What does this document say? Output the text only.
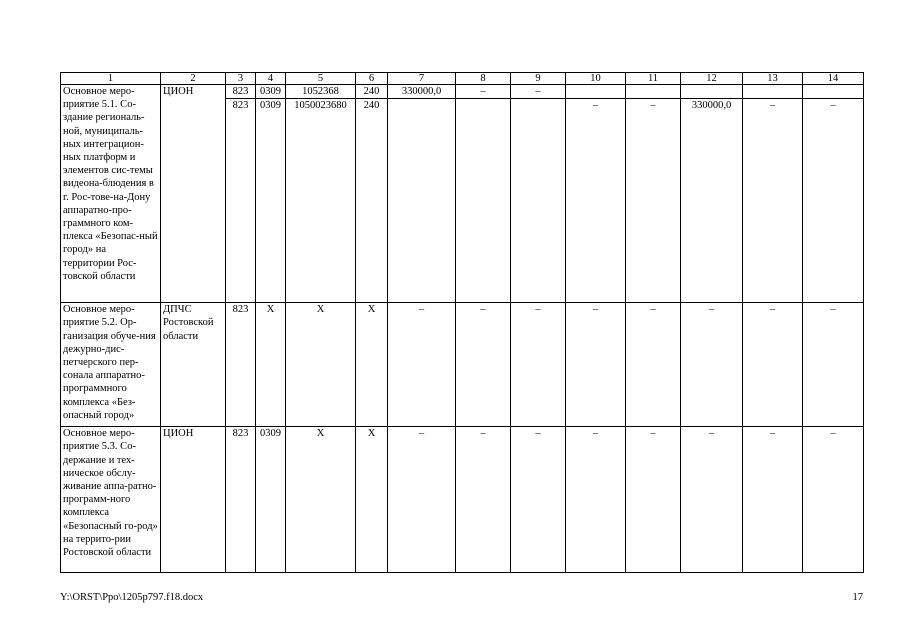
1	2	3	4	5	6	7	8	9	10	11	12	13	14
Основное меро-приятие 5.1. Со-здание региональ-ной, муниципаль-ных интеграцион-ных платформ и элементов сис-темы видеона-блюдения в г. Рос-тове-на-Дону аппаратно-про-граммного ком-плекса «Безопас-ный город» на территории Рос-товской области	ЦИОН	823	0309	1052368	240	330000,0	–	–					
		823	0309	1050023680	240				–	–	330000,0	–	–
Основное меро-приятие 5.2. Ор-ганизация обуче-ния дежурно-дис-петчерского пер-сонала аппаратно-программного комплекса «Без-опасный город»	ДПЧС Ростовской области	823	Х	Х	Х	–	–	–	–	–	–	–	–
Основное меро-приятие 5.3. Со-держание и тех-ническое обслу-живание аппа-ратно-программ-ного комплекса «Безопасный го-род» на террито-рии Ростовской области	ЦИОН	823	0309	Х	Х	–	–	–	–	–	–	–	–
Y:\ORST\Ppo\1205p797.f18.docx	17
